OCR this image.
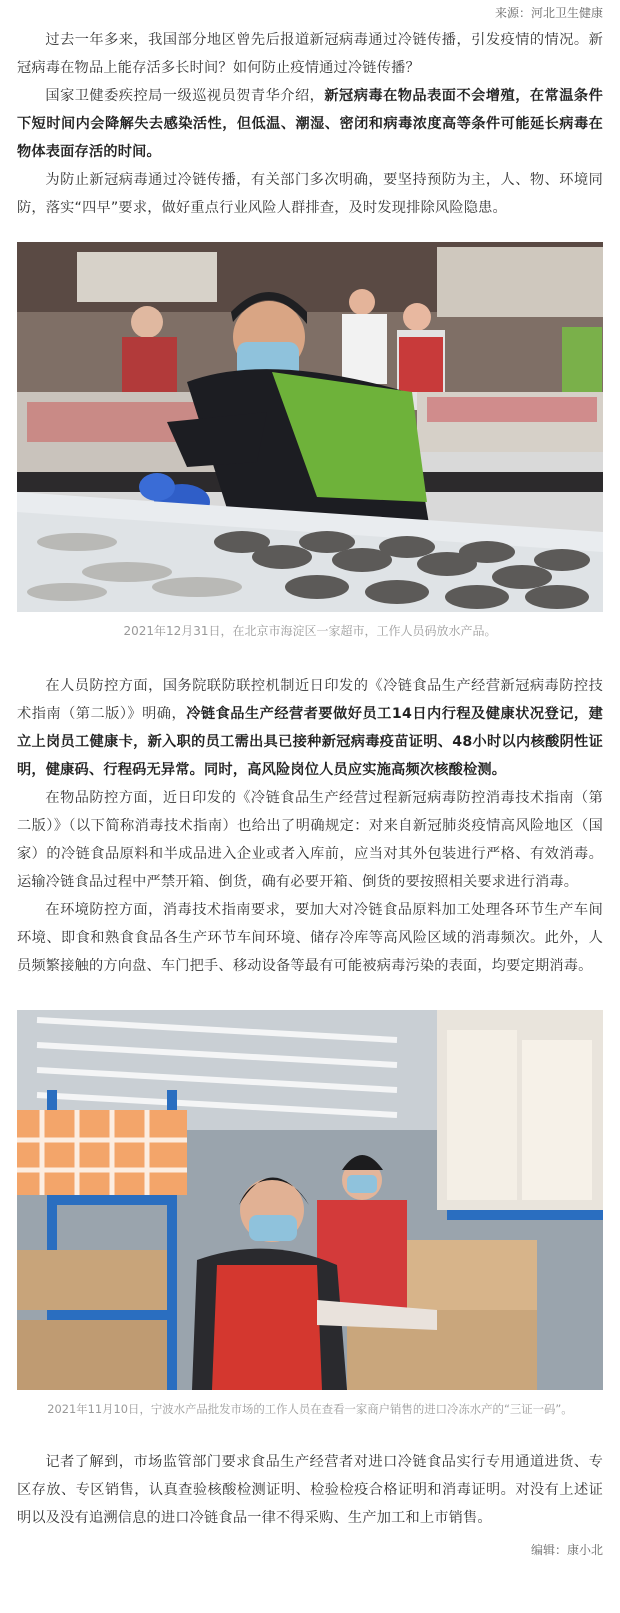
来源：河北卫生健康

过去一年多来，我国部分地区曾先后报道新冠病毒通过冷链传播，引发疫情的情况。新冠病毒在物品上能存活多长时间？如何防止疫情通过冷链传播？

国家卫健委疾控局一级巡视员贺青华介绍，新冠病毒在物品表面不会增殖，在常温条件下短时间内会降解失去感染活性，但低温、潮湿、密闭和病毒浓度高等条件可能延长病毒在物体表面存活的时间。

为防止新冠病毒通过冷链传播，有关部门多次明确，要坚持预防为主，人、物、环境同防，落实“四早”要求，做好重点行业风险人群排查，及时发现排除风险隐患。

2021年12月31日，在北京市海淀区一家超市，工作人员码放水产品。

在人员防控方面，国务院联防联控机制近日印发的《冷链食品生产经营新冠病毒防控技术指南（第二版）》明确，冷链食品生产经营者要做好员工14日内行程及健康状况登记，建立上岗员工健康卡，新入职的员工需出具已接种新冠病毒疫苗证明、48小时以内核酸阴性证明，健康码、行程码无异常。同时，高风险岗位人员应实施高频次核酸检测。

在物品防控方面，近日印发的《冷链食品生产经营过程新冠病毒防控消毒技术指南（第二版）》（以下简称消毒技术指南）也给出了明确规定：对来自新冠肺炎疫情高风险地区（国家）的冷链食品原料和半成品进入企业或者入库前，应当对其外包装进行严格、有效消毒。运输冷链食品过程中严禁开箱、倒货，确有必要开箱、倒货的要按照相关要求进行消毒。

在环境防控方面，消毒技术指南要求，要加大对冷链食品原料加工处理各环节生产车间环境、即食和熟食食品各生产环节车间环境、储存冷库等高风险区域的消毒频次。此外，人员频繁接触的方向盘、车门把手、移动设备等最有可能被病毒污染的表面，均要定期消毒。

2021年11月10日，宁波水产品批发市场的工作人员在查看一家商户销售的进口冷冻水产的“三证一码”。

记者了解到，市场监管部门要求食品生产经营者对进口冷链食品实行专用通道进货、专区存放、专区销售，认真查验核酸检测证明、检验检疫合格证明和消毒证明。对没有上述证明以及没有追溯信息的进口冷链食品一律不得采购、生产加工和上市销售。

编辑：康小北
